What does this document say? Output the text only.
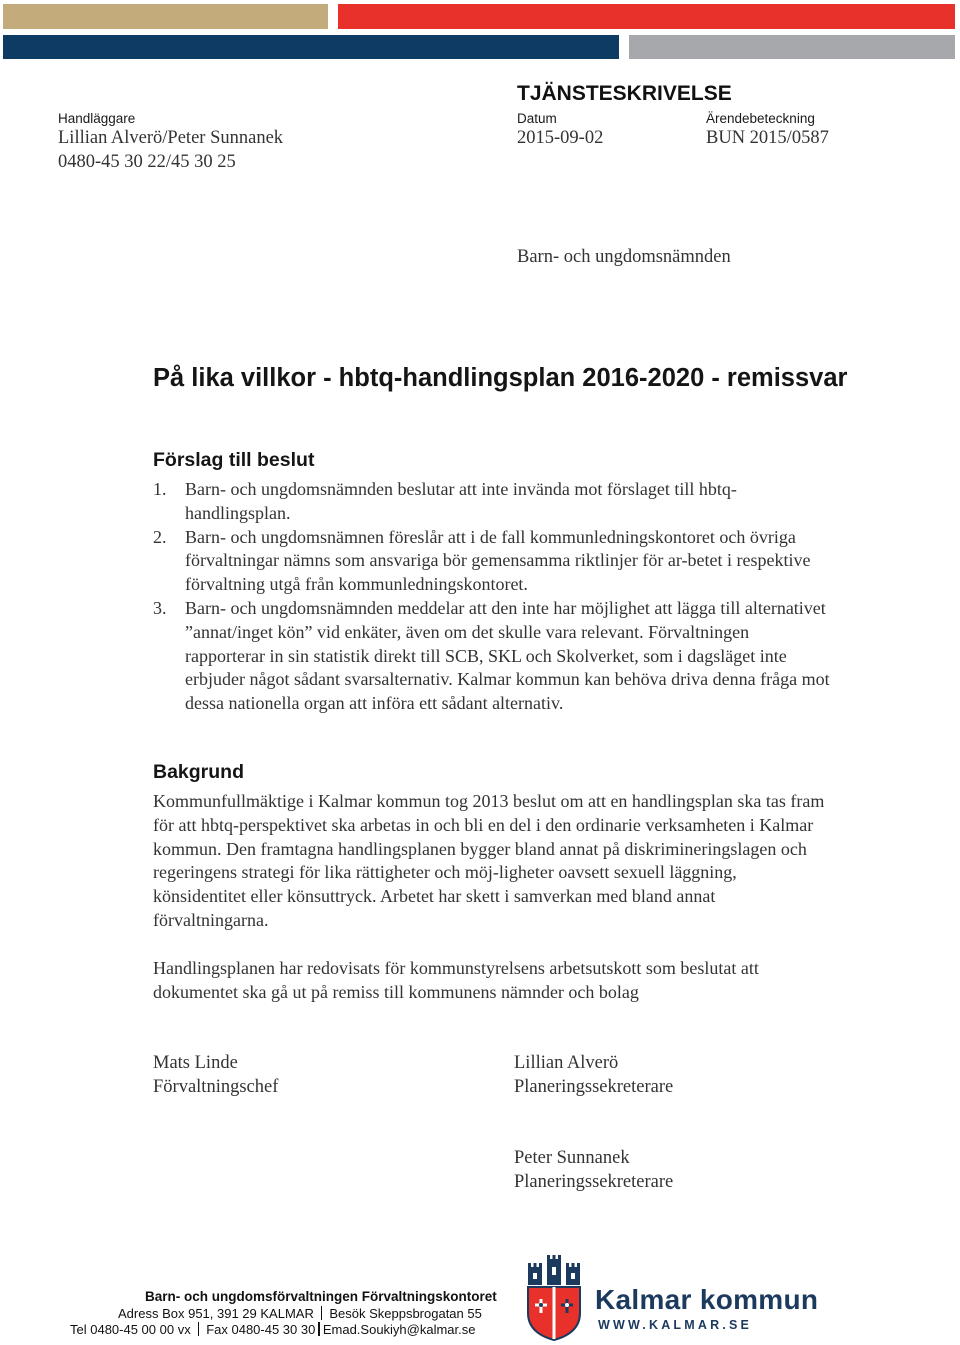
TJÄNSTESKRIVELSE
Handläggare
Lillian Alverö/Peter Sunnanek
0480-45 30 22/45 30 25
Datum
2015-09-02
Ärendebeteckning
BUN 2015/0587
Barn- och ungdomsnämnden
På lika villkor - hbtq-handlingsplan 2016-2020 - remissvar
Förslag till beslut
1. Barn- och ungdomsnämnden beslutar att inte invända mot förslaget till hbtq-handlingsplan.
2. Barn- och ungdomsnämnen föreslår att i de fall kommunledningskontoret och övriga förvaltningar nämns som ansvariga bör gemensamma riktlinjer för ar-betet i respektive förvaltning utgå från kommunledningskontoret.
3. Barn- och ungdomsnämnden meddelar att den inte har möjlighet att lägga till alternativet ”annat/inget kön” vid enkäter, även om det skulle vara relevant. Förvaltningen rapporterar in sin statistik direkt till SCB, SKL och Skolverket, som i dagsläget inte erbjuder något sådant svarsalternativ. Kalmar kommun kan behöva driva denna fråga mot dessa nationella organ att införa ett sådant alternativ.
Bakgrund
Kommunfullmäktige i Kalmar kommun tog 2013 beslut om att en handlingsplan ska tas fram för att hbtq-perspektivet ska arbetas in och bli en del i den ordinarie verksamheten i Kalmar kommun. Den framtagna handlingsplanen bygger bland annat på diskrimineringslagen och regeringens strategi för lika rättigheter och möj-ligheter oavsett sexuell läggning, könsidentitet eller könsuttryck. Arbetet har skett i samverkan med bland annat förvaltningarna.
Handlingsplanen har redovisats för kommunstyrelsens arbetsutskott som beslutat att dokumentet ska gå ut på remiss till kommunens nämnder och bolag
Mats Linde
Förvaltningschef
Lillian Alverö
Planeringssekreterare
Peter Sunnanek
Planeringssekreterare
Barn- och ungdomsförvaltningen Förvaltningskontoret
Adress Box 951, 391 29 KALMAR Besök Skeppsbrogatan 55
Tel 0480-45 00 00 vx Fax 0480-45 30 30 Emad.Soukiyh@kalmar.se
Kalmar kommun
WWW.KALMAR.SE
